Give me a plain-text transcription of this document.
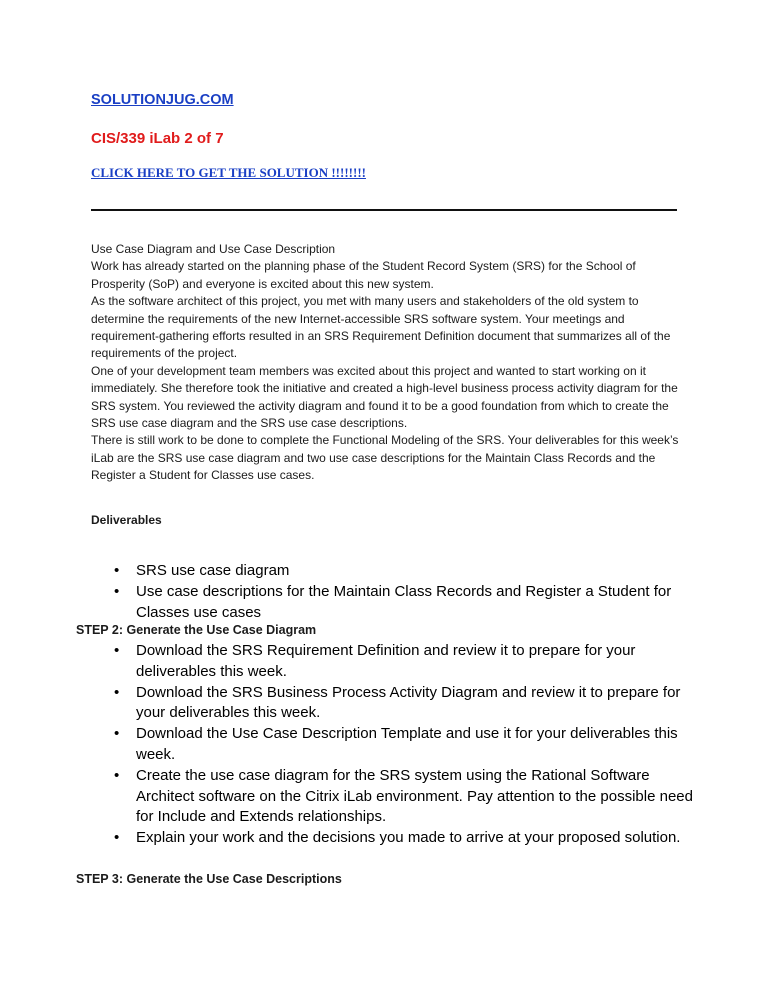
SOLUTIONJUG.COM
CIS/339 iLab 2 of 7
CLICK HERE TO GET THE SOLUTION !!!!!!!!

Use Case Diagram and Use Case Description

Work has already started on the planning phase of the Student Record System (SRS) for the School of Prosperity (SoP) and everyone is excited about this new system.

As the software architect of this project, you met with many users and stakeholders of the old system to determine the requirements of the new Internet-accessible SRS software system. Your meetings and requirement-gathering efforts resulted in an SRS Requirement Definition document that summarizes all of the requirements of the project.

One of your development team members was excited about this project and wanted to start working on it immediately. She therefore took the initiative and created a high-level business process activity diagram for the SRS system. You reviewed the activity diagram and found it to be a good foundation from which to create the SRS use case diagram and the SRS use case descriptions.

There is still work to be done to complete the Functional Modeling of the SRS. Your deliverables for this week’s iLab are the SRS use case diagram and two use case descriptions for the Maintain Class Records and the Register a Student for Classes use cases.

Deliverables
• SRS use case diagram
• Use case descriptions for the Maintain Class Records and Register a Student for Classes use cases
STEP 2: Generate the Use Case Diagram
• Download the SRS Requirement Definition and review it to prepare for your deliverables this week.
• Download the SRS Business Process Activity Diagram and review it to prepare for your deliverables this week.
• Download the Use Case Description Template and use it for your deliverables this week.
• Create the use case diagram for the SRS system using the Rational Software Architect software on the Citrix iLab environment. Pay attention to the possible need for Include and Extends relationships.
• Explain your work and the decisions you made to arrive at your proposed solution.
STEP 3: Generate the Use Case Descriptions
